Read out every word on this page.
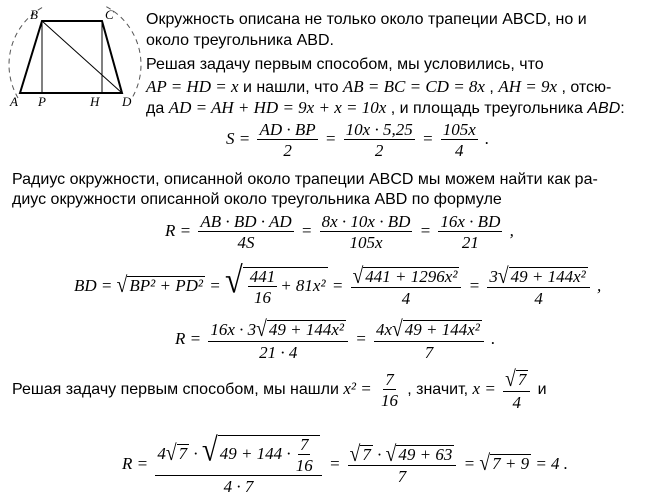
B	C
A P	H D
Окружность описана не только около трапеции ABCD, но и
около треугольника ABD.
Решая задачу первым способом, мы условились, что
AP = HD = x и нашли, что AB = BC = CD = 8x , AH = 9x , отсю-
да AD = AH + HD = 9x + x = 10x , и площадь треугольника ABD:
$S = \frac{AD \cdot BP}{2} = \frac{10x \cdot 5,25}{2} = \frac{105x}{4}$ .
Радиус окружности, описанной около трапеции ABCD мы можем найти как ра-
диус окружности описанной около треугольника ABD по формуле
$R = \frac{AB \cdot BD \cdot AD}{4S} = \frac{8x \cdot 10x \cdot BD}{105x} = \frac{16x \cdot BD}{21}$ ,
BD = √ BP² + PD² = √ $\frac{441}{16} + 81x^2 = \frac{\text{√ 441 + 1296x²}}{4} = \frac{\text{3√ 49 + 144x²}}{4}$ ,
$R = \frac{\text{16x · 3√ 49 + 144x²}}{21 \cdot 4} = \frac{\text{4x√ 49 + 144x²}}{7}$ .
Решая задачу первым способом, мы нашли $x^2 = \frac{7}{16}$ , значит, $x = \frac{√ 7}{4}$ и
$R = \frac{4√ 7 \cdot √ 49 + 144 \cdot \frac{7}{16}}{4 \cdot 7} = \frac{√ 7 \cdot √ 49 + 63}{7}$ = √ 7 + 9 = 4 .
